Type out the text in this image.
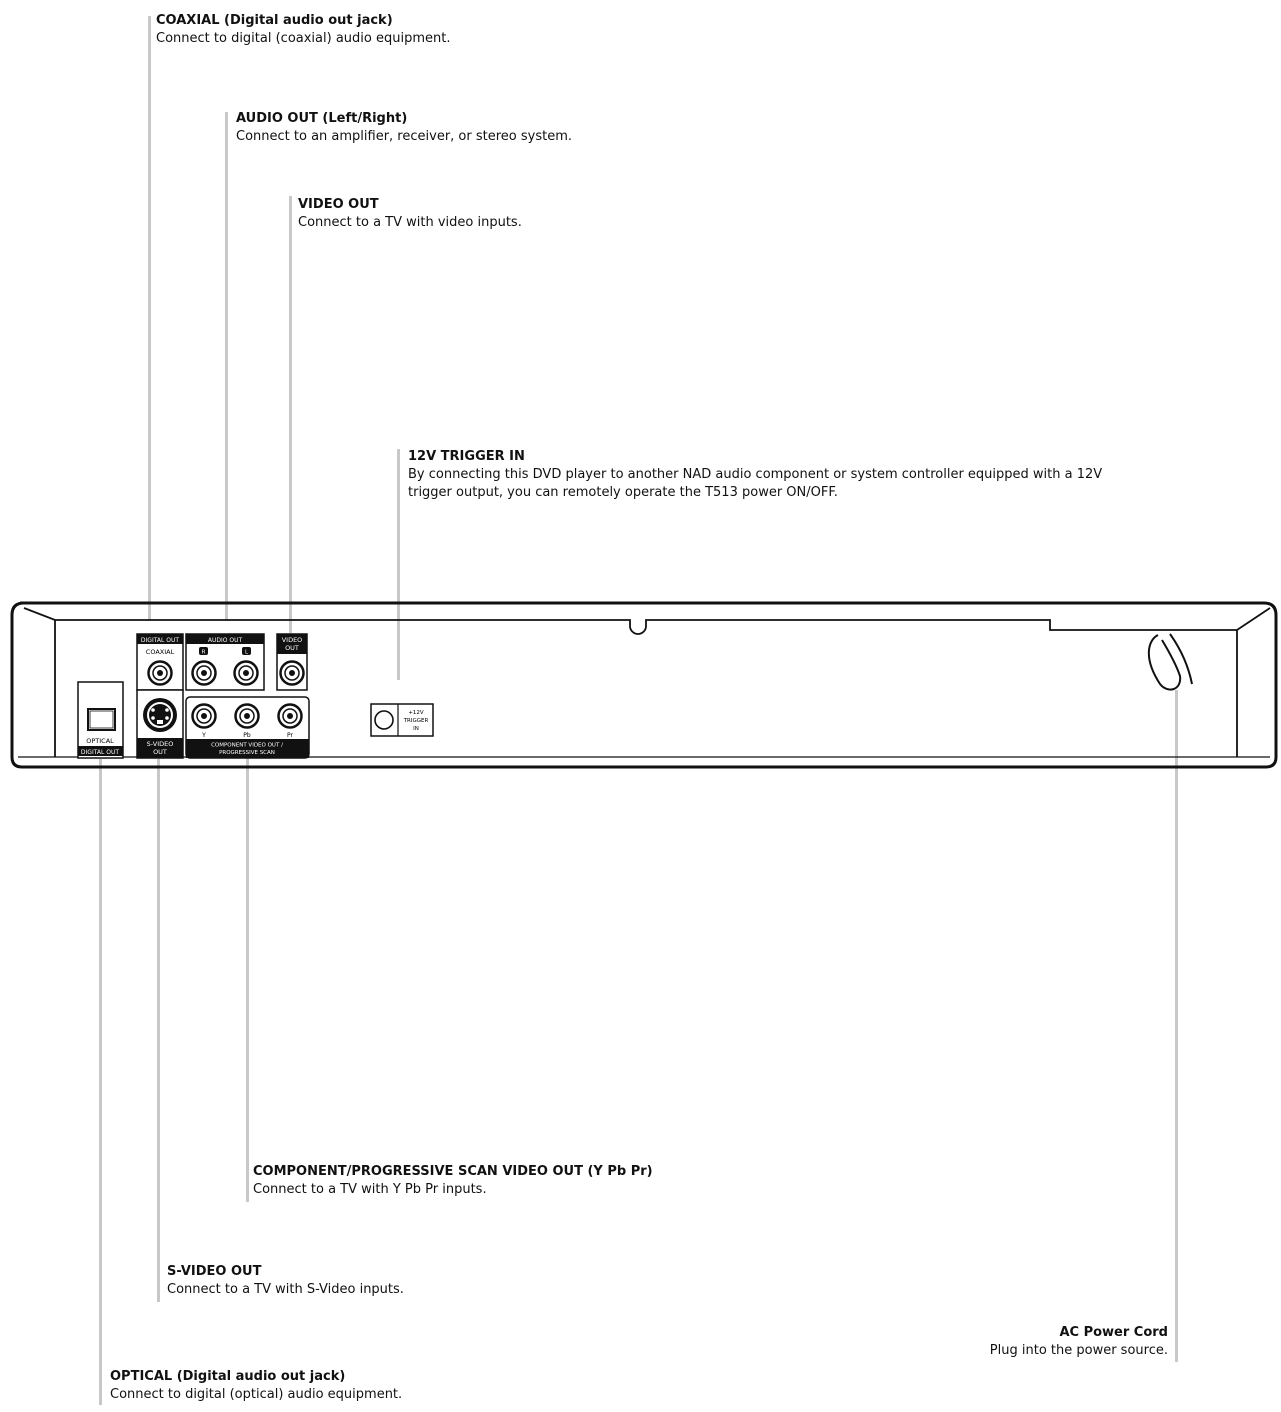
COAXIAL (Digital audio out jack)
Connect to digital (coaxial) audio equipment.
AUDIO OUT (Left/Right)
Connect to an amplifier, receiver, or stereo system.
VIDEO OUT
Connect to a TV with video inputs.
12V TRIGGER IN
By connecting this DVD player to another NAD audio component or system controller equipped with a 12V trigger output, you can remotely operate the T513 power ON/OFF.
COMPONENT/PROGRESSIVE SCAN VIDEO OUT (Y Pb Pr)
Connect to a TV with Y Pb Pr inputs.
S-VIDEO OUT
Connect to a TV with S-Video inputs.
AC Power Cord
Plug into the power source.
OPTICAL (Digital audio out jack)
Connect to digital (optical) audio equipment.
OPTICAL
DIGITAL OUT
DIGITAL OUT
COAXIAL
S-VIDEO
OUT
AUDIO OUT
R	L
VIDEO
OUT
Y	Pb	Pr
COMPONENT VIDEO OUT /
PROGRESSIVE SCAN
+12V
TRIGGER
IN
